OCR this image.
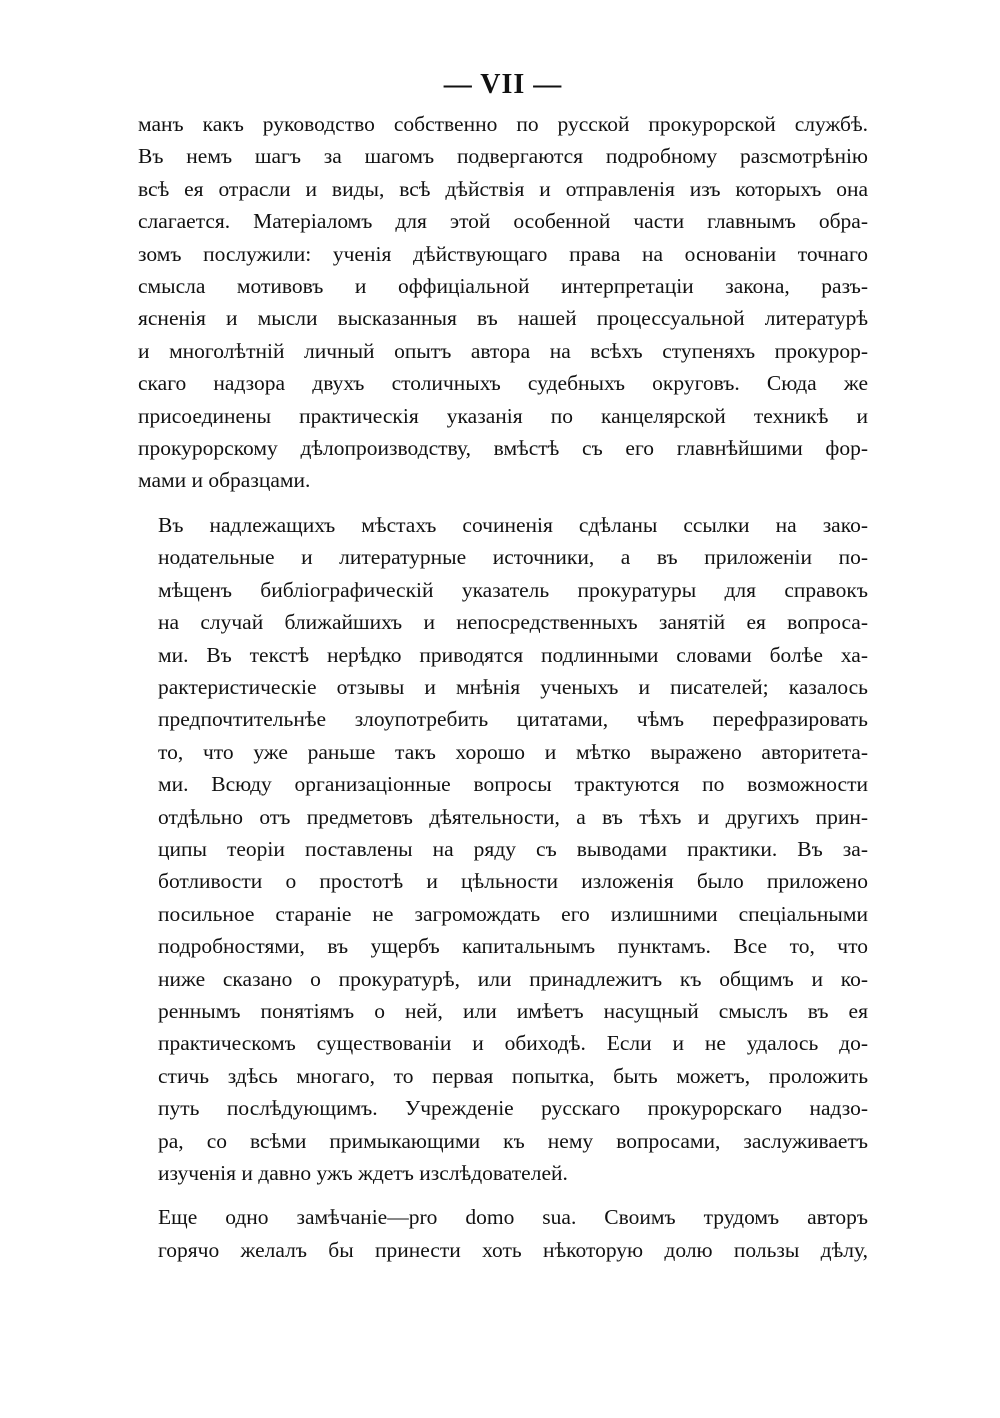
— VII —
манъ какъ руководство собственно по русской прокурорской службѣ.
Въ немъ шагъ за шагомъ подвергаются подробному разсмотрѣнію
всѣ ея отрасли и виды, всѣ дѣйствія и отправленія изъ которыхъ она
слагается. Матеріаломъ для этой особенной части главнымъ обра-
зомъ послужили: ученія дѣйствующаго права на основаніи точнаго
смысла мотивовъ и оффиціальной интерпретаціи закона, разъ-
ясненія и мысли высказанныя въ нашей процессуальной литературѣ
и многолѣтній личный опытъ автора на всѣхъ ступеняхъ прокурор-
скаго надзора двухъ столичныхъ судебныхъ округовъ. Сюда же
присоединены практическія указанія по канцелярской техникѣ и
прокурорскому дѣлопроизводству, вмѣстѣ съ его главнѣйшими фор-
мами и образцами.
Въ надлежащихъ мѣстахъ сочиненія сдѣланы ссылки на зако-
нодательные и литературные источники, а въ приложеніи по-
мѣщенъ библіографическій указатель прокуратуры для справокъ
на случай ближайшихъ и непосредственныхъ занятій ея вопроса-
ми. Въ текстѣ нерѣдко приводятся подлинными словами болѣе ха-
рактеристическіе отзывы и мнѣнія ученыхъ и писателей; казалось
предпочтительнѣе злоупотребить цитатами, чѣмъ перефразировать
то, что уже раньше такъ хорошо и мѣтко выражено авторитета-
ми. Всюду организаціонные вопросы трактуются по возможности
отдѣльно отъ предметовъ дѣятельности, а въ тѣхъ и другихъ прин-
ципы теоріи поставлены на ряду съ выводами практики. Въ за-
ботливости о простотѣ и цѣльности изложенія было приложено
посильное стараніе не загромождать его излишними спеціальными
подробностями, въ ущербъ капитальнымъ пунктамъ. Все то, что
ниже сказано о прокуратурѣ, или принадлежитъ къ общимъ и ко-
реннымъ понятіямъ о ней, или имѣетъ насущный смыслъ въ ея
практическомъ существованіи и обиходѣ. Если и не удалось до-
стичь здѣсь многаго, то первая попытка, быть можетъ, проложить
путь послѣдующимъ. Учрежденіе русскаго прокурорскаго надзо-
ра, со всѣми примыкающими къ нему вопросами, заслуживаетъ
изученія и давно ужъ ждетъ изслѣдователей.
Еще одно замѣчаніе—pro domo sua. Своимъ трудомъ авторъ
горячо желалъ бы принести хоть нѣкоторую долю пользы дѣлу,
